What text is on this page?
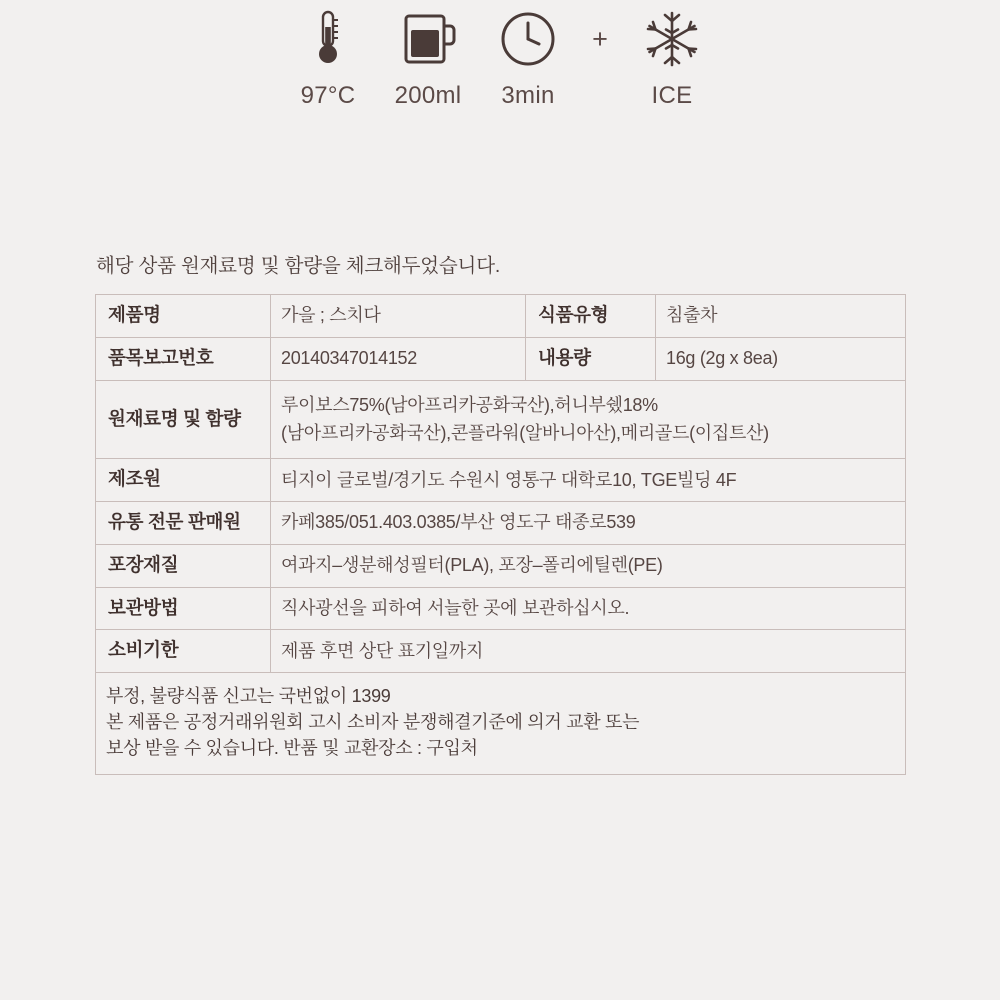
97°C 200ml 3min
+
ICE
해당 상품 원재료명 및 함량을 체크해두었습니다.
제품명	가을 ; 스치다	식품유형	침출차
품목보고번호	20140347014152	내용량	16g (2g x 8ea)
원재료명 및 함량	루이보스75%(남아프리카공화국산),허니부쉤18%
(남아프리카공화국산),콘플라워(알바니아산),메리골드(이집트산)		

제조원	티지이 글로벌/경기도 수원시 영통구 대학로10, TGE빌딩 4F		
유통 전문 판매원	카페385/051.403.0385/부산 영도구 태종로539		
포장재질	여과지–생분해성필터(PLA), 포장–폴리에틸렌(PE)		
보관방법	직사광선을 피하여 서늘한 곳에 보관하십시오.		
소비기한	제품 후면 상단 표기일까지		

부정, 불량식품 신고는 국번없이 1399
본 제품은 공정거래위원회 고시 소비자 분쟁해결기준에 의거 교환 또는
보상 받을 수 있습니다. 반품 및 교환장소 : 구입처			
